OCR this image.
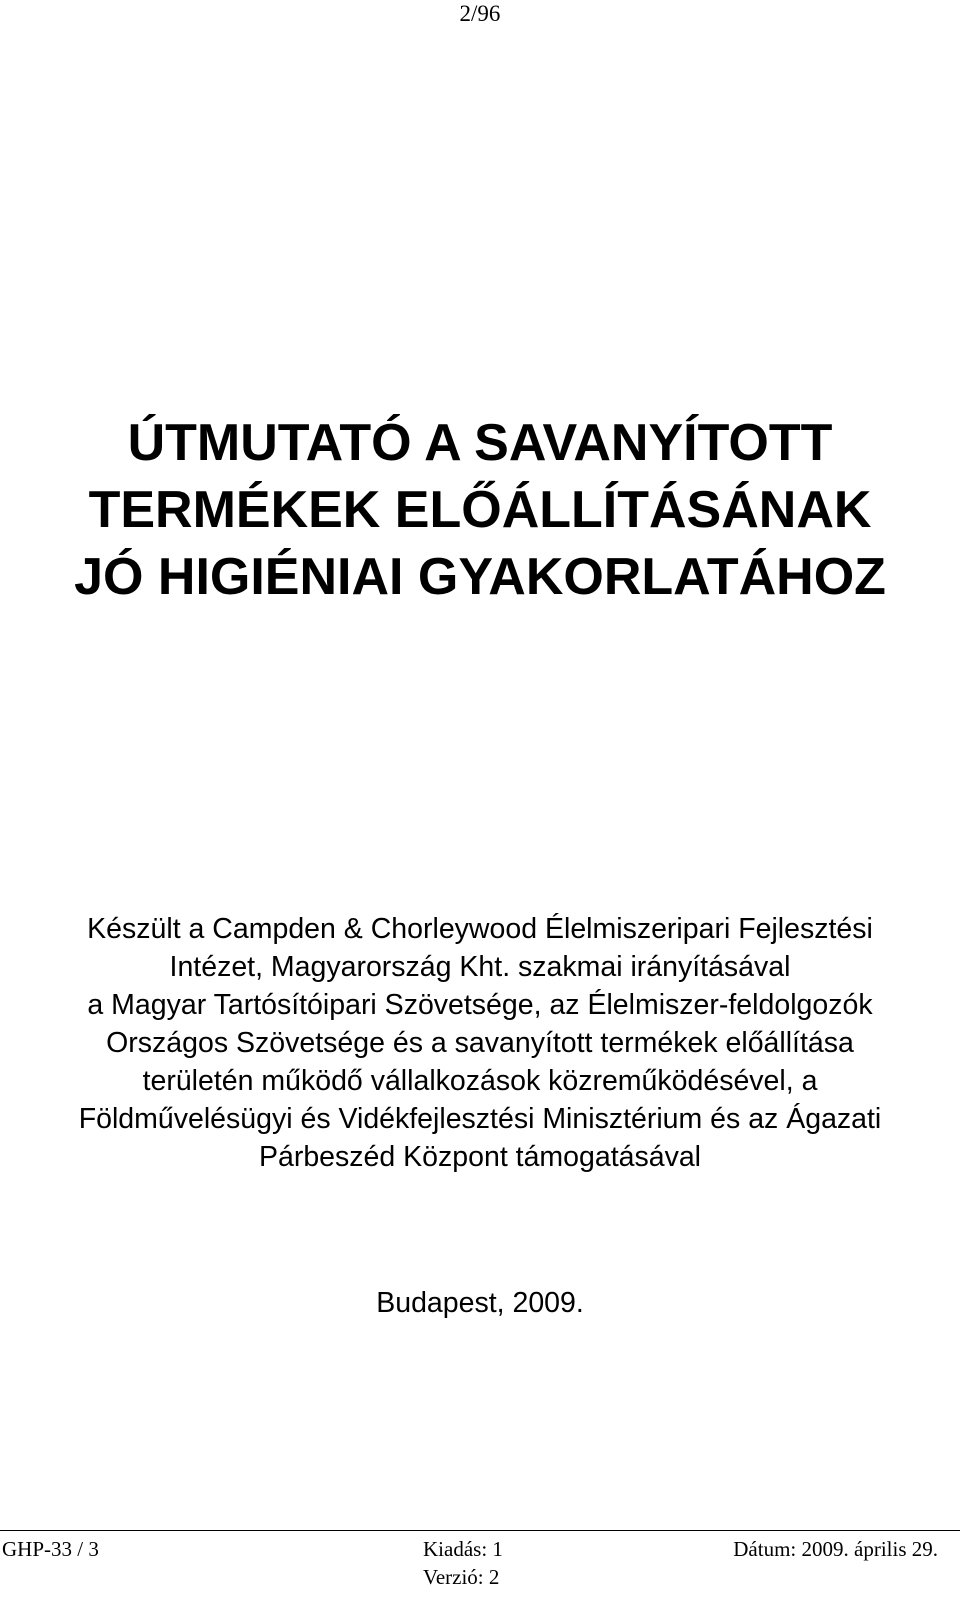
2/96
ÚTMUTATÓ A SAVANYÍTOTT
TERMÉKEK ELŐÁLLÍTÁSÁNAK
JÓ HIGIÉNIAI GYAKORLATÁHOZ
Készült a Campden & Chorleywood Élelmiszeripari Fejlesztési
Intézet, Magyarország Kht. szakmai irányításával
a Magyar Tartósítóipari Szövetsége, az Élelmiszer-feldolgozók
Országos Szövetsége és a savanyított termékek előállítása
területén működő vállalkozások közreműködésével, a
Földművelésügyi és Vidékfejlesztési Minisztérium és az Ágazati
Párbeszéd Központ támogatásával
Budapest, 2009.
GHP-33 / 3	Kiadás: 1
Verzió: 2
Dátum: 2009. április 29.
